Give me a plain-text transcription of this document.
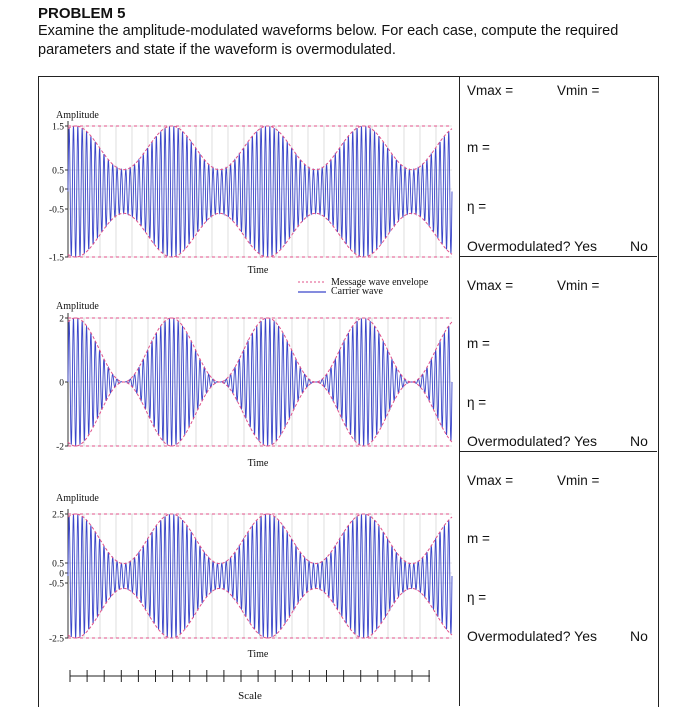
PROBLEM 5
Examine the amplitude-modulated waveforms below. For each case, compute the required parameters and state if the waveform is overmodulated.
Vmax =	Vmin =
m =
η =
Overmodulated? Yes No
Vmax =	Vmin =
m =
η =
Overmodulated? Yes No
Vmax =	Vmin =
m =
η =
Overmodulated? Yes No
1.5
0.5
0
-0.5
-1.5
Amplitude
Time
Message wave envelope
Carrier wave
2
0
-2
Amplitude
Time
2.5
0.5
0
-0.5
-2.5
Amplitude
Time
Scale
